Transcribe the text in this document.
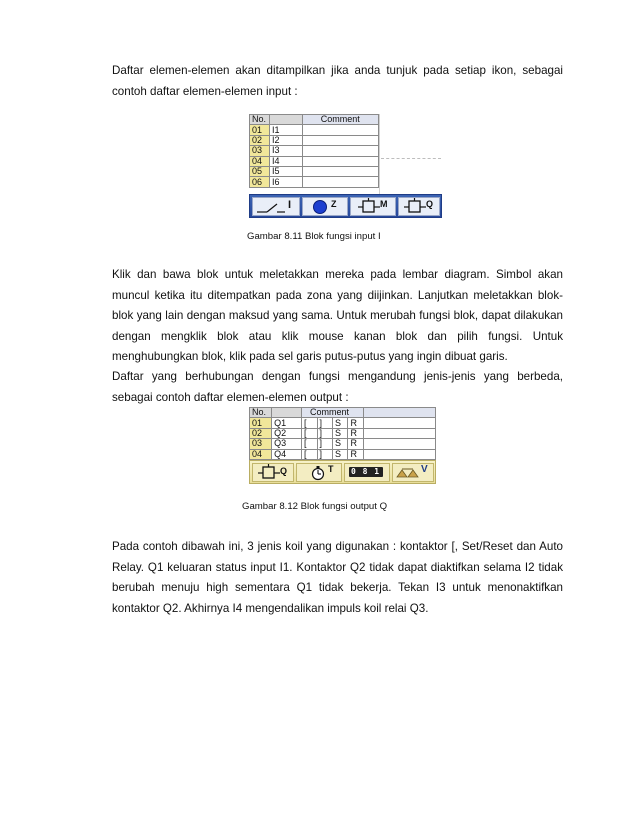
Daftar elemen-elemen akan ditampilkan jika anda tunjuk pada setiap ikon, sebagai contoh daftar elemen-elemen input :

No.		Comment
01	I1	
02	I2	
03	I3	
04	I4	
05	I5	
06	I6	
I	Z	M	Q
Gambar 8.11 Blok fungsi input I

Klik dan bawa blok untuk meletakkan mereka pada lembar diagram. Simbol akan muncul ketika itu ditempatkan pada zona yang diijinkan. Lanjutkan meletakkan blok-blok yang lain dengan maksud yang sama. Untuk merubah fungsi blok, dapat dilakukan dengan mengklik blok atau klik mouse kanan blok dan pilih fungsi. Untuk menghubungkan blok, klik pada sel garis putus-putus yang ingin dibuat garis.

Daftar yang berhubungan dengan fungsi mengandung jenis-jenis yang berbeda, sebagai contoh daftar elemen-elemen output :

No.		Comment				
01	Q1	[	]	S	R	
02	Q2	[	]	S	R	
03	Q3	[	]	S	R	
04	Q4	[	]	S	R	
Q	T 0 8 1	V
Gambar 8.12 Blok fungsi output Q

Pada contoh dibawah ini, 3 jenis koil yang digunakan : kontaktor [, Set/Reset dan Auto Relay. Q1 keluaran status input I1. Kontaktor Q2 tidak dapat diaktifkan selama I2 tidak berubah menuju high sementara Q1 tidak bekerja. Tekan I3 untuk menonaktifkan kontaktor Q2. Akhirnya I4 mengendalikan impuls koil relai Q3.
